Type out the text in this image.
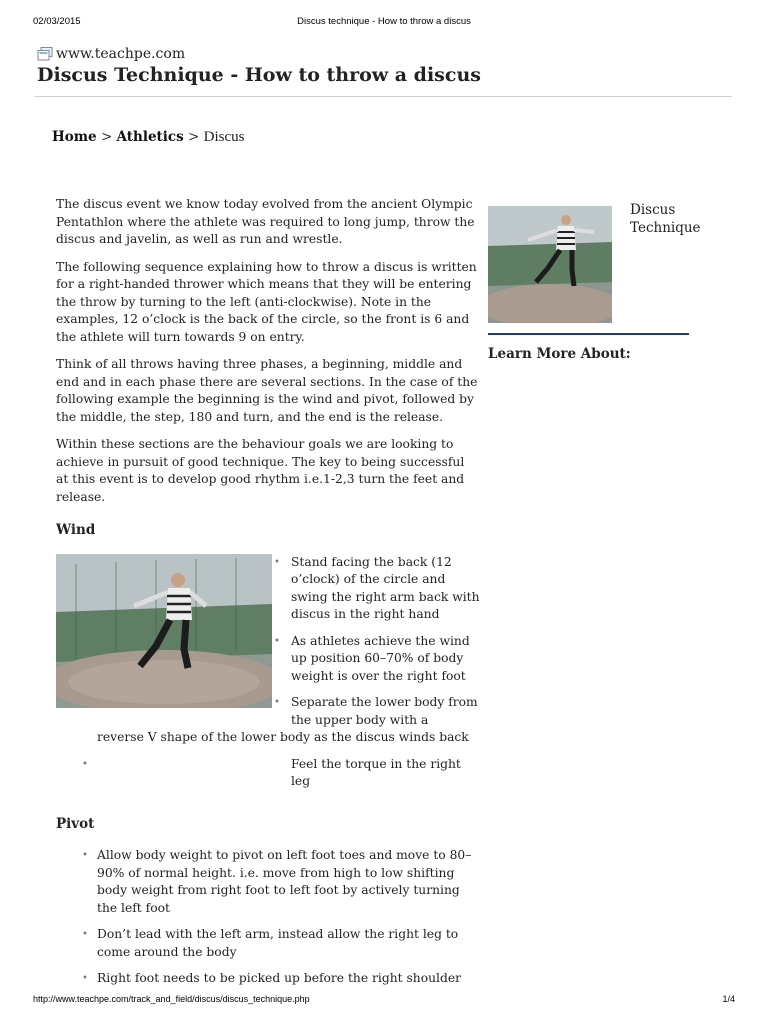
02/03/2015	Discus technique - How to throw a discus
www.teachpe.com
Discus Technique - How to throw a discus
Home > Athletics > Discus

The discus event we know today evolved from the ancient Olympic Pentathlon where the athlete was required to long jump, throw the discus and javelin, as well as run and wrestle.

The following sequence explaining how to throw a discus is written for a right-handed thrower which means that they will be entering the throw by turning to the left (anti-clockwise). Note in the examples, 12 o’clock is the back of the circle, so the front is 6 and the athlete will turn towards 9 on entry.

Think of all throws having three phases, a beginning, middle and end and in each phase there are several sections. In the case of the following example the beginning is the wind and pivot, followed by the middle, the step, 180 and turn, and the end is the release.

Within these sections are the behaviour goals we are looking to achieve in pursuit of good technique. The key to being successful at this event is to develop good rhythm i.e.1-2,3 turn the feet and release.

Wind
• Stand facing the back (12 o’clock) of the circle and swing the right arm back with discus in the right hand
• As athletes achieve the wind up position 60–70% of body weight is over the right foot
• Separate the lower body from the upper body with a
reverse V shape of the lower body as the discus winds back
•	Feel the torque in the right leg
Pivot
• Allow body weight to pivot on left foot toes and move to 80–90% of normal height. i.e. move from high to low shifting body weight from right foot to left foot by actively turning the left foot
• Don’t lead with the left arm, instead allow the right leg to come around the body
• Right foot needs to be picked up before the right shoulder
Discus Technique
Learn More About:
http://www.teachpe.com/track_and_field/discus/discus_technique.php	1/4
